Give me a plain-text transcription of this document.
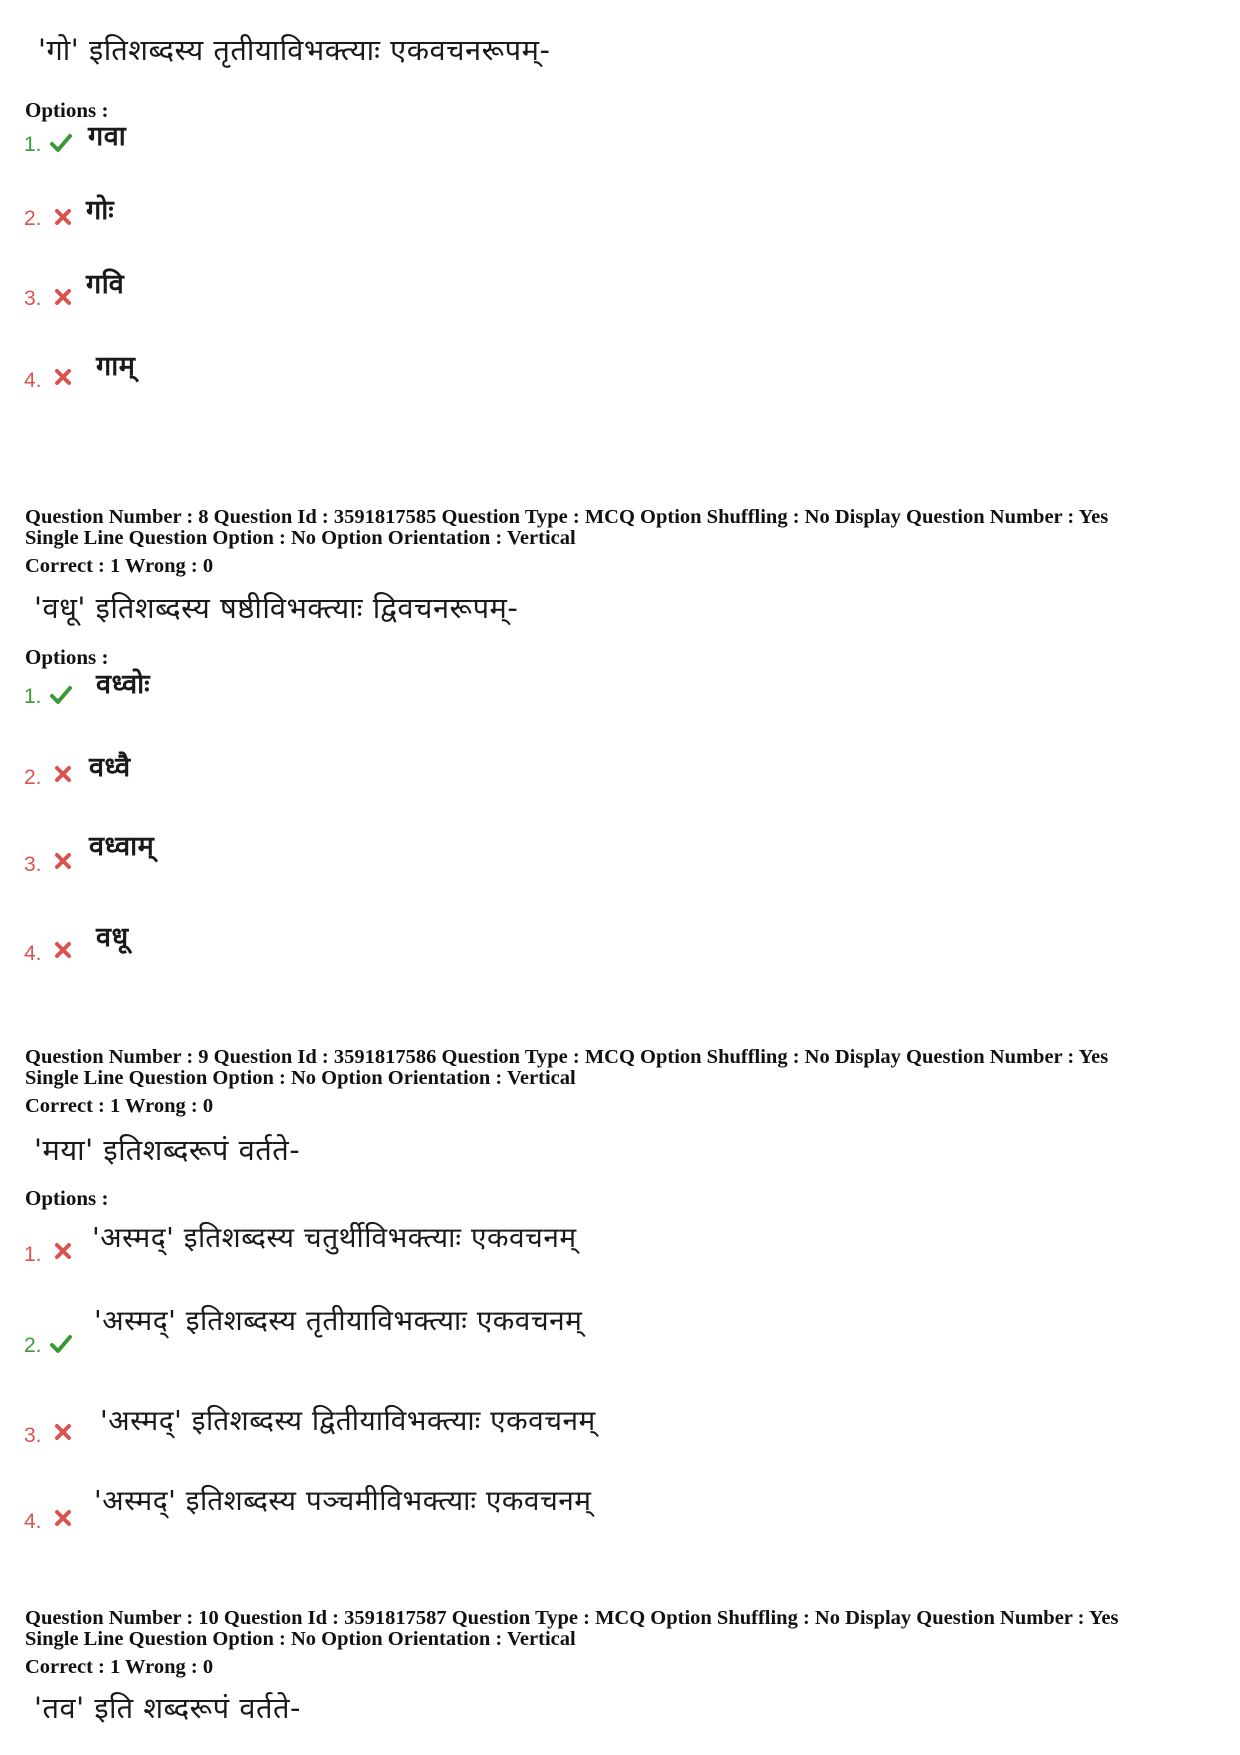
'गो' इतिशब्दस्य तृतीयाविभक्त्याः एकवचनरूपम्-
Options :
1. गवा
2. गोः
3. गवि
4. गाम्
Question Number : 8 Question Id : 3591817585 Question Type : MCQ Option Shuffling : No Display Question Number : Yes
Single Line Question Option : No Option Orientation : Vertical
Correct : 1 Wrong : 0
'वधू' इतिशब्दस्य षष्ठीविभक्त्याः द्विवचनरूपम्-
Options :
1. वध्वोः
2. वध्वै
3.
वध्वाम्
4.
वधू
Question Number : 9 Question Id : 3591817586 Question Type : MCQ Option Shuffling : No Display Question Number : Yes
Single Line Question Option : No Option Orientation : Vertical
Correct : 1 Wrong : 0
'मया' इतिशब्दरूपं वर्तते-
Options :
1.
'अस्मद्' इतिशब्दस्य चतुर्थीविभक्त्याः एकवचनम्
2.
'अस्मद्' इतिशब्दस्य तृतीयाविभक्त्याः एकवचनम्
3. 'अस्मद्' इतिशब्दस्य द्वितीयाविभक्त्याः एकवचनम्
4.
'अस्मद्' इतिशब्दस्य पञ्चमीविभक्त्याः एकवचनम्
Question Number : 10 Question Id : 3591817587 Question Type : MCQ Option Shuffling : No Display Question Number : Yes
Single Line Question Option : No Option Orientation : Vertical
Correct : 1 Wrong : 0
'तव' इति शब्दरूपं वर्तते-
